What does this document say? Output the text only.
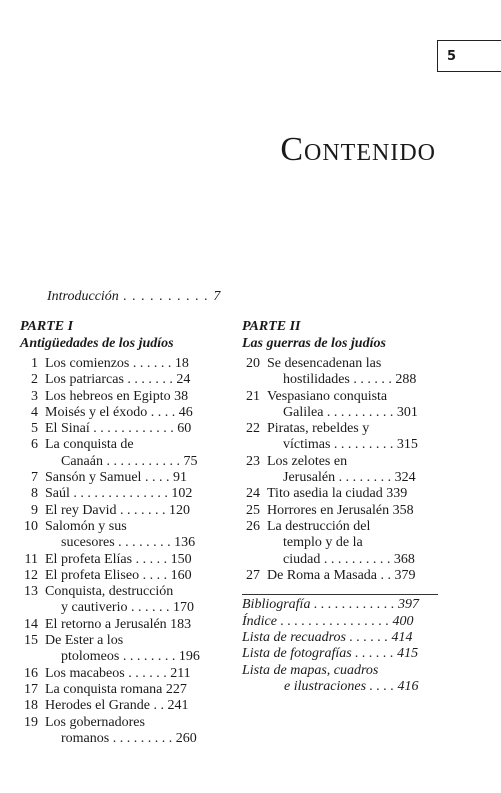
5
Contenido
Introducción . . . . . . . . . . 7
PARTE I
Antigüedades de los judíos
1 Los comienzos . . . . . . 18
2 Los patriarcas . . . . . . . 24
3 Los hebreos en Egipto 38
4 Moisés y el éxodo . . . . 46
5 El Sinaí . . . . . . . . . . . . 60
6 La conquista de
Canaán . . . . . . . . . . . 75
7 Sansón y Samuel . . . . 91
8 Saúl . . . . . . . . . . . . . . 102
9 El rey David . . . . . . . 120
10 Salomón y sus
sucesores . . . . . . . . 136
11 El profeta Elías . . . . . 150
12 El profeta Eliseo . . . . 160
13 Conquista, destrucción
y cautiverio . . . . . . 170
14 El retorno a Jerusalén 183
15 De Ester a los
ptolomeos . . . . . . . . 196
16 Los macabeos . . . . . . 211
17 La conquista romana 227
18 Herodes el Grande . . 241
19 Los gobernadores
romanos . . . . . . . . . 260
PARTE II
Las guerras de los judíos
20 Se desencadenan las
hostilidades . . . . . . 288
21 Vespasiano conquista
Galilea . . . . . . . . . . 301
22 Piratas, rebeldes y
víctimas . . . . . . . . . 315
23 Los zelotes en
Jerusalén . . . . . . . . 324
24 Tito asedia la ciudad 339
25 Horrores en Jerusalén 358
26 La destrucción del
templo y de la
ciudad . . . . . . . . . . 368
27 De Roma a Masada . . 379
Bibliografía . . . . . . . . . . . . 397
Índice . . . . . . . . . . . . . . . . 400
Lista de recuadros . . . . . . 414
Lista de fotografías . . . . . . 415
Lista de mapas, cuadros
e ilustraciones . . . . 416
